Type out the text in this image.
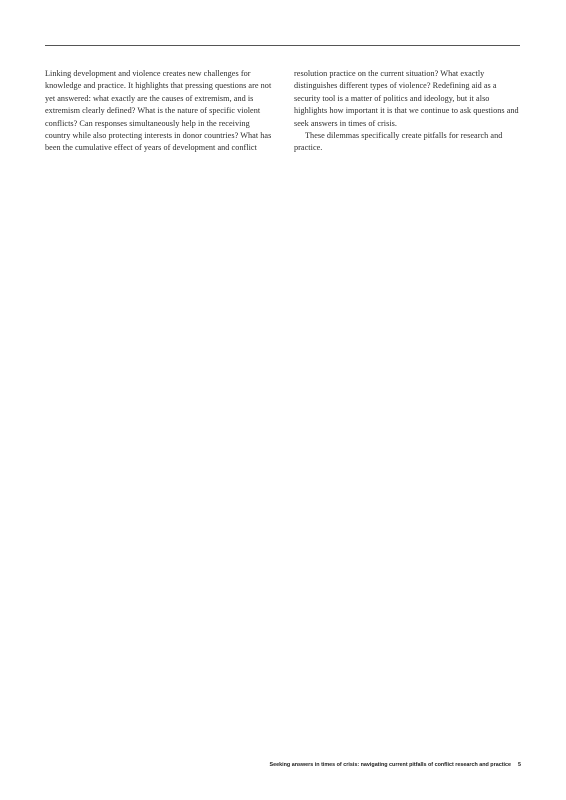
Linking development and violence creates new challenges for knowledge and practice. It highlights that pressing questions are not yet answered: what exactly are the causes of extremism, and is extremism clearly defined? What is the nature of specific violent conflicts? Can responses simultaneously help in the receiving country while also protecting interests in donor countries? What has been the cumulative effect of years of development and conflict

resolution practice on the current situation? What exactly distinguishes different types of violence? Redefining aid as a security tool is a matter of politics and ideology, but it also highlights how important it is that we continue to ask questions and seek answers in times of crisis.

These dilemmas specifically create pitfalls for research and practice.

Seeking answers in times of crisis: navigating current pitfalls of conflict research and practice 5
